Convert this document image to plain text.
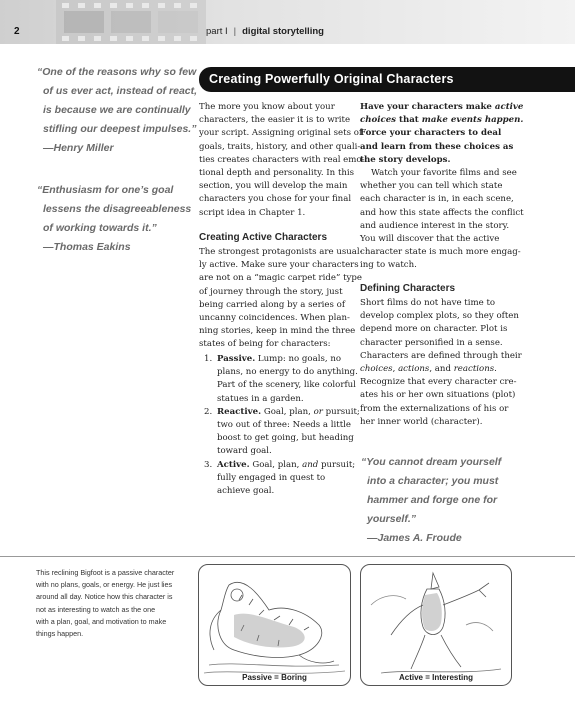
2	part I | digital storytelling
“One of the reasons why so few
of us ever act, instead of react,
is because we are continually
stifling our deepest impulses.”
—Henry Miller
“Enthusiasm for one’s goal
lessens the disagreeableness
of working towards it.”
—Thomas Eakins
Creating Powerfully Original Characters
The more you know about your
characters, the easier it is to write
your script. Assigning original sets of
goals, traits, history, and other quali-
ties creates characters with real emo-
tional depth and personality. In this
section, you will develop the main
characters you chose for your final
script idea in Chapter 1.
Creating Active Characters
The strongest protagonists are usual-
ly active. Make sure your characters
are not on a “magic carpet ride” type
of journey through the story, just
being carried along by a series of
uncanny coincidences. When plan-
ning stories, keep in mind the three
states of being for characters:
1. Passive. Lump: no goals, no
plans, no energy to do anything.
Part of the scenery, like colorful
statues in a garden.
2. Reactive. Goal, plan, or pursuit;
two out of three: Needs a little
boost to get going, but heading
toward goal.
3. Active. Goal, plan, and pursuit;
fully engaged in quest to
achieve goal.
Have your characters make active
choices that make events happen.
Force your characters to deal
and learn from these choices as
the story develops.
Watch your favorite films and see
whether you can tell which state
each character is in, in each scene,
and how this state affects the conflict
and audience interest in the story.
You will discover that the active
character state is much more engag-
ing to watch.
Defining Characters
Short films do not have time to
develop complex plots, so they often
depend more on character. Plot is
character personified in a sense.
Characters are defined through their
choices, actions, and reactions.
Recognize that every character cre-
ates his or her own situations (plot)
from the externalizations of his or
her inner world (character).
“You cannot dream yourself
into a character; you must
hammer and forge one for
yourself.”
—James A. Froude
This reclining Bigfoot is a passive character
with no plans, goals, or energy. He just lies
around all day. Notice how this character is
not as interesting to watch as the one
with a plan, goal, and motivation to make
things happen.
Passive = Boring	Active = Interesting
